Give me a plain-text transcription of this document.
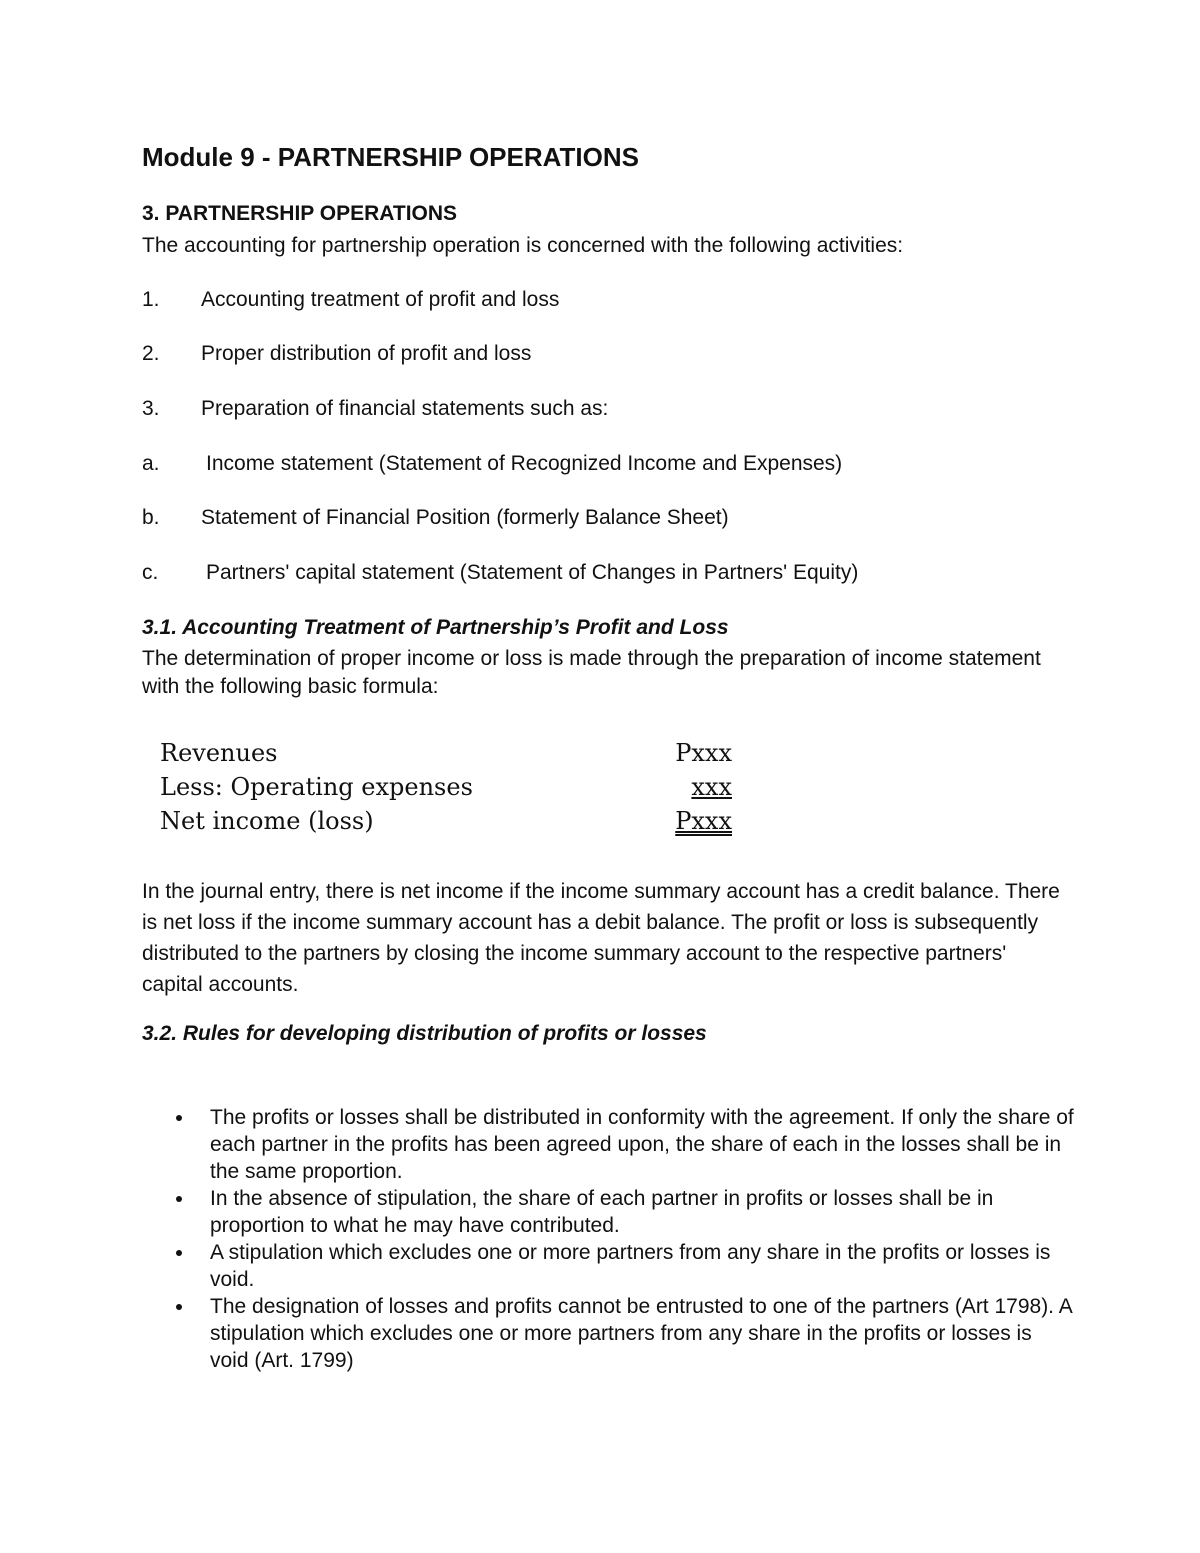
Module 9 - PARTNERSHIP OPERATIONS
3. PARTNERSHIP OPERATIONS
The accounting for partnership operation is concerned with the following activities:
1. Accounting treatment of profit and loss
2. Proper distribution of profit and loss
3. Preparation of financial statements such as:
a. Income statement (Statement of Recognized Income and Expenses)
b. Statement of Financial Position (formerly Balance Sheet)
c. Partners' capital statement (Statement of Changes in Partners' Equity)
3.1. Accounting Treatment of Partnership’s Profit and Loss
The determination of proper income or loss is made through the preparation of income statement with the following basic formula:
Revenues	Pxxx
Less: Operating expenses	xxx
Net income (loss)	Pxxx
In the journal entry, there is net income if the income summary account has a credit balance. There is net loss if the income summary account has a debit balance. The profit or loss is subsequently distributed to the partners by closing the income summary account to the respective partners' capital accounts.
3.2. Rules for developing distribution of profits or losses
The profits or losses shall be distributed in conformity with the agreement. If only the share of each partner in the profits has been agreed upon, the share of each in the losses shall be in the same proportion.
In the absence of stipulation, the share of each partner in profits or losses shall be in proportion to what he may have contributed.
A stipulation which excludes one or more partners from any share in the profits or losses is void.
The designation of losses and profits cannot be entrusted to one of the partners (Art 1798). A stipulation which excludes one or more partners from any share in the profits or losses is void (Art. 1799)
